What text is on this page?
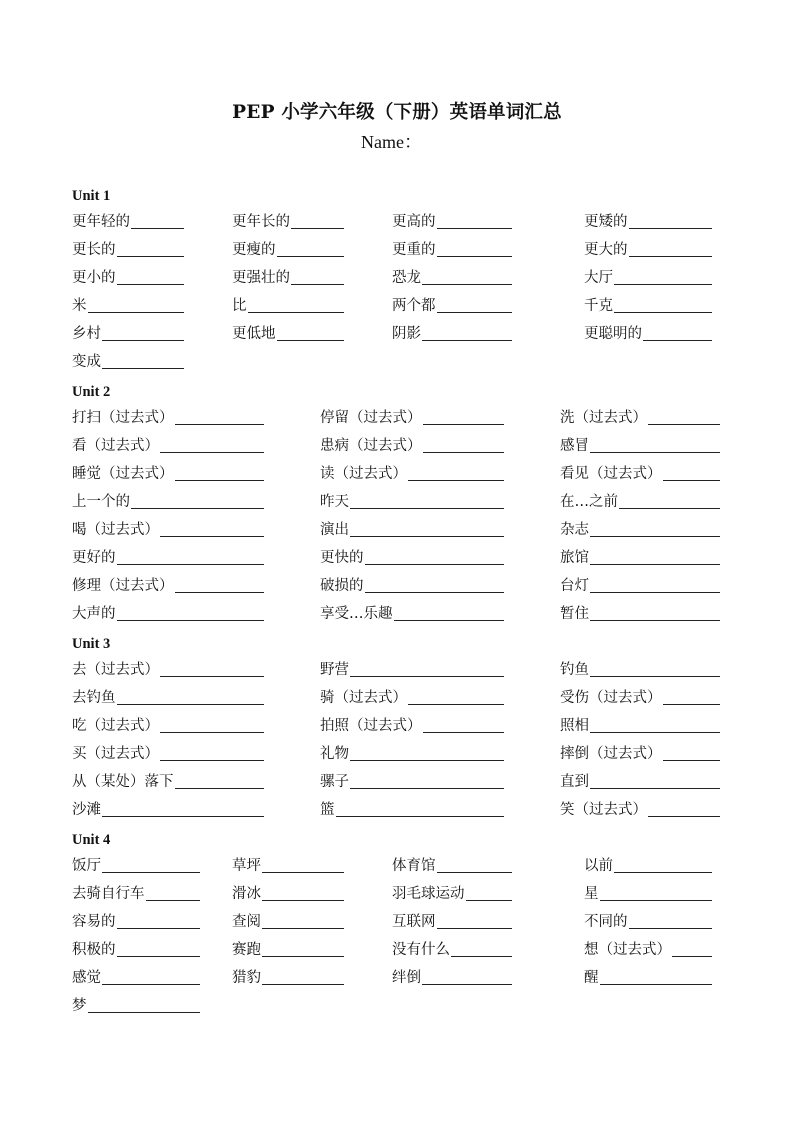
PEP 小学六年级（下册）英语单词汇总
Name：
Unit 1
更年轻的	更年长的	更高的	更矮的
更长的	更瘦的	更重的	更大的
更小的	更强壮的	恐龙	大厅
米	比	两个都	千克
乡村	更低地	阴影	更聪明的
变成
Unit 2
打扫（过去式）	停留（过去式）	洗（过去式）
看（过去式）	患病（过去式）	感冒
睡觉（过去式）	读（过去式）	看见（过去式）
上一个的	昨天	在…之前
喝（过去式）	演出	杂志
更好的	更快的	旅馆
修理（过去式）	破损的	台灯
大声的	享受…乐趣	暂住
Unit 3
去（过去式）	野营	钓鱼
去钓鱼	骑（过去式）	受伤（过去式）
吃（过去式）	拍照（过去式）	照相
买（过去式）	礼物	摔倒（过去式）
从（某处）落下	骡子	直到
沙滩	篮	笑（过去式）
Unit 4
饭厅	草坪	体育馆	以前
去骑自行车	滑冰	羽毛球运动	星
容易的	查阅	互联网	不同的
积极的	赛跑	没有什么	想（过去式）
感觉	猎豹	绊倒	醒
梦
